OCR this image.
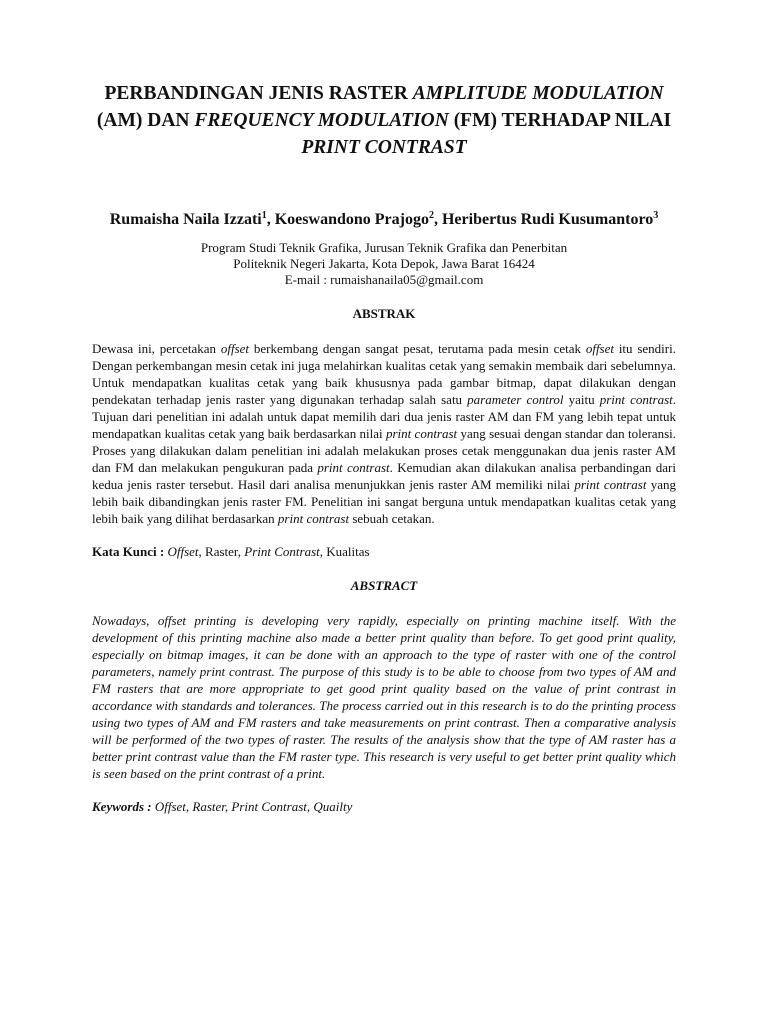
PERBANDINGAN JENIS RASTER AMPLITUDE MODULATION (AM) DAN FREQUENCY MODULATION (FM) TERHADAP NILAI PRINT CONTRAST
Rumaisha Naila Izzati$^1$, Koeswandono Prajogo$^2$, Heribertus Rudi Kusumantoro$^3$
Program Studi Teknik Grafika, Jurusan Teknik Grafika dan Penerbitan
Politeknik Negeri Jakarta, Kota Depok, Jawa Barat 16424
E-mail : rumaishanaila05@gmail.com
ABSTRAK

Dewasa ini, percetakan offset berkembang dengan sangat pesat, terutama pada mesin cetak offset itu sendiri. Dengan perkembangan mesin cetak ini juga melahirkan kualitas cetak yang semakin membaik dari sebelumnya. Untuk mendapatkan kualitas cetak yang baik khususnya pada gambar bitmap, dapat dilakukan dengan pendekatan terhadap jenis raster yang digunakan terhadap salah satu parameter control yaitu print contrast. Tujuan dari penelitian ini adalah untuk dapat memilih dari dua jenis raster AM dan FM yang lebih tepat untuk mendapatkan kualitas cetak yang baik berdasarkan nilai print contrast yang sesuai dengan standar dan toleransi. Proses yang dilakukan dalam penelitian ini adalah melakukan proses cetak menggunakan dua jenis raster AM dan FM dan melakukan pengukuran pada print contrast. Kemudian akan dilakukan analisa perbandingan dari kedua jenis raster tersebut. Hasil dari analisa menunjukkan jenis raster AM memiliki nilai print contrast yang lebih baik dibandingkan jenis raster FM. Penelitian ini sangat berguna untuk mendapatkan kualitas cetak yang lebih baik yang dilihat berdasarkan print contrast sebuah cetakan.

Kata Kunci : Offset, Raster, Print Contrast, Kualitas
ABSTRACT

Nowadays, offset printing is developing very rapidly, especially on printing machine itself. With the development of this printing machine also made a better print quality than before. To get good print quality, especially on bitmap images, it can be done with an approach to the type of raster with one of the control parameters, namely print contrast. The purpose of this study is to be able to choose from two types of AM and FM rasters that are more appropriate to get good print quality based on the value of print contrast in accordance with standards and tolerances. The process carried out in this research is to do the printing process using two types of AM and FM rasters and take measurements on print contrast. Then a comparative analysis will be performed of the two types of raster. The results of the analysis show that the type of AM raster has a better print contrast value than the FM raster type. This research is very useful to get better print quality which is seen based on the print contrast of a print.

Keywords : Offset, Raster, Print Contrast, Quailty
